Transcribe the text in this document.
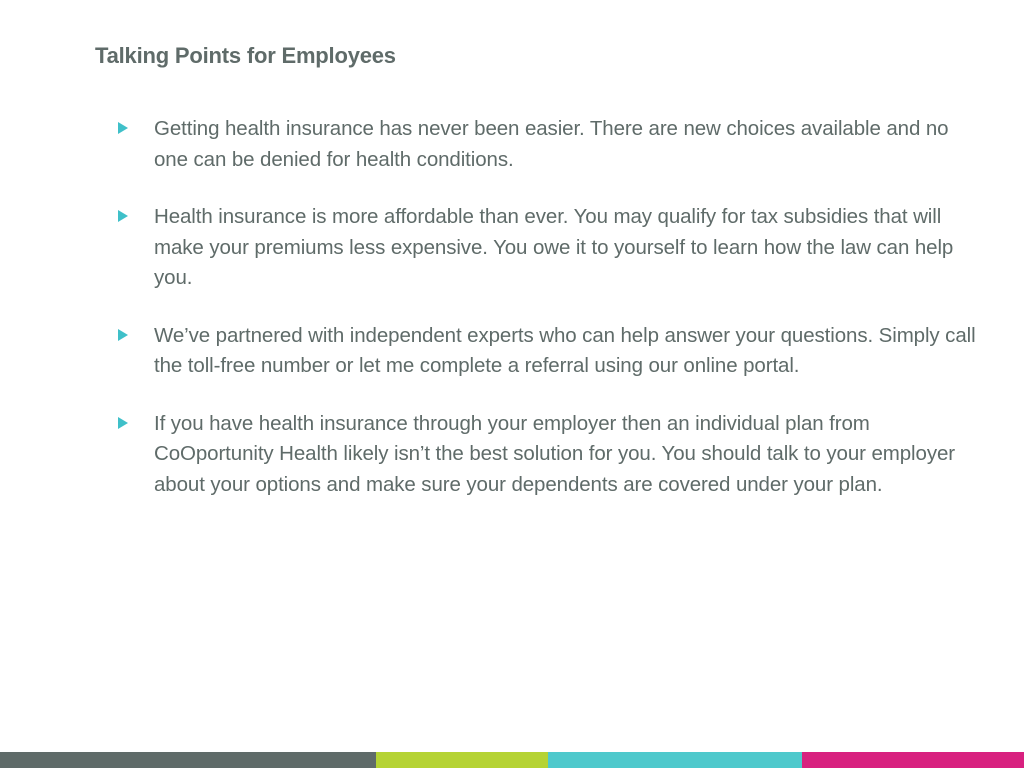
Talking Points for Employees
Getting health insurance has never been easier. There are new choices available and no one can be denied for health conditions.
Health insurance is more affordable than ever. You may qualify for tax subsidies that will make your premiums less expensive. You owe it to yourself to learn how the law can help you.
We’ve partnered with independent experts who can help answer your questions. Simply call the toll-free number or let me complete a referral using our online portal.
If you have health insurance through your employer then an individual plan from CoOportunity Health likely isn’t the best solution for you. You should talk to your employer about your options and make sure your dependents are covered under your plan.
